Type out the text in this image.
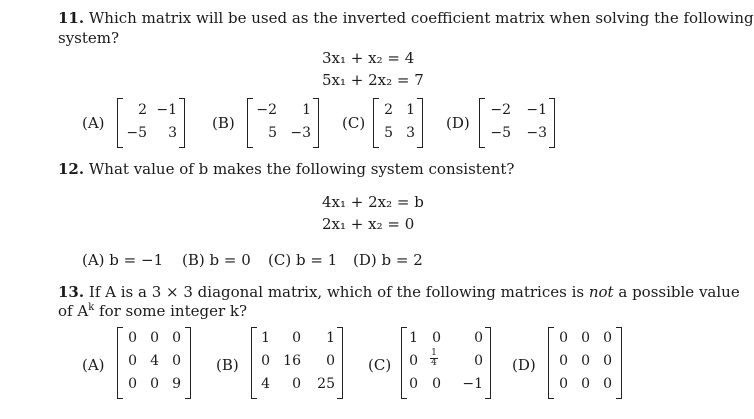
11. Which matrix will be used as the inverted coefficient matrix when solving the following
system?
3x₁ + x₂ = 4
5x₁ + 2x₂ = 7
(A)	(B)	(C)	(D)
2 −1
−5	3
−2	1
5 −3
2 1
5 3
−2	−1
−5	−3
12. What value of b makes the following system consistent?
4x₁ + 2x₂ = b
2x₁ + x₂ = 0
(A) b = −1 (B) b = 0 (C) b = 1 (D) b = 2
13. If A is a 3 × 3 diagonal matrix, which of the following matrices is not a possible value
of $A^k$ for some integer k?
(A)	(B)	(C)	(D)
0 0 0
0 4 0
0 0 9
1	0	1
0 16	0
4	0	25
1	0	0
$0 \frac{1}{4}$	0
0	0	−1
0 0 0
0 0 0
0 0 0
